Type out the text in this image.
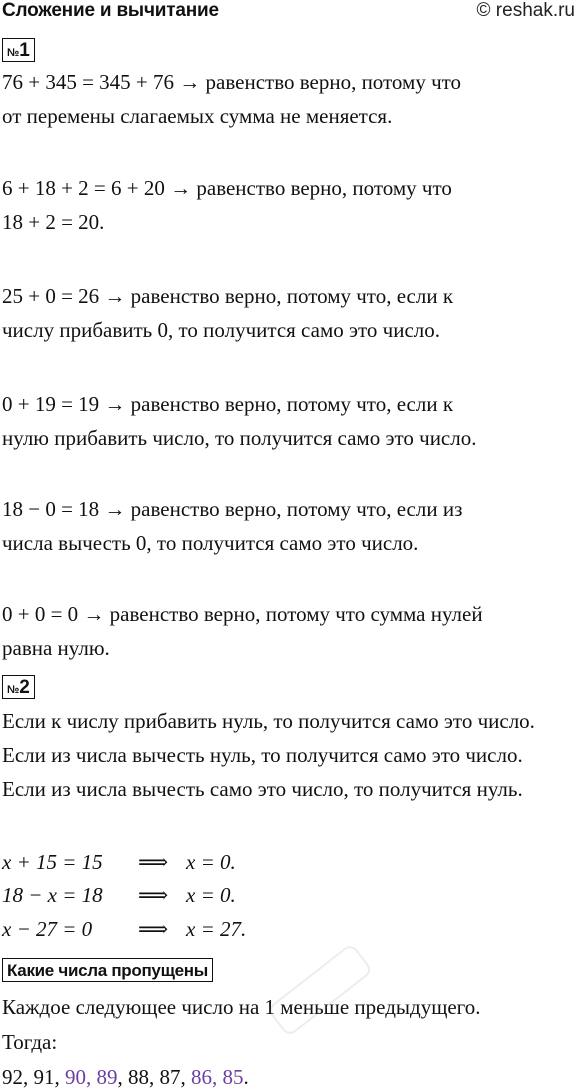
Сложение и вычитание	© reshak.ru
№1
76 + 345 = 345 + 76 → равенство верно, потому что
от перемены слагаемых сумма не меняется.
6 + 18 + 2 = 6 + 20 → равенство верно, потому что
18 + 2 = 20.
25 + 0 = 26 → равенство верно, потому что, если к
числу прибавить 0, то получится само это число.
0 + 19 = 19 → равенство верно, потому что, если к
нулю прибавить число, то получится само это число.
18 − 0 = 18 → равенство верно, потому что, если из
числа вычесть 0, то получится само это число.
0 + 0 = 0 → равенство верно, потому что сумма нулей
равна нулю.
№2
Если к числу прибавить нуль, то получится само это число.
Если из числа вычесть нуль, то получится само это число.
Если из числа вычесть само это число, то получится нуль.
x + 15 = 15 ⟹ x = 0.
18 − x = 18 ⟹ x = 0.
x − 27 = 0 ⟹ x = 27.
Какие числа пропущены
Каждое следующее число на 1 меньше предыдущего.
Тогда:
92, 91, 90, 89, 88, 87, 86, 85.
